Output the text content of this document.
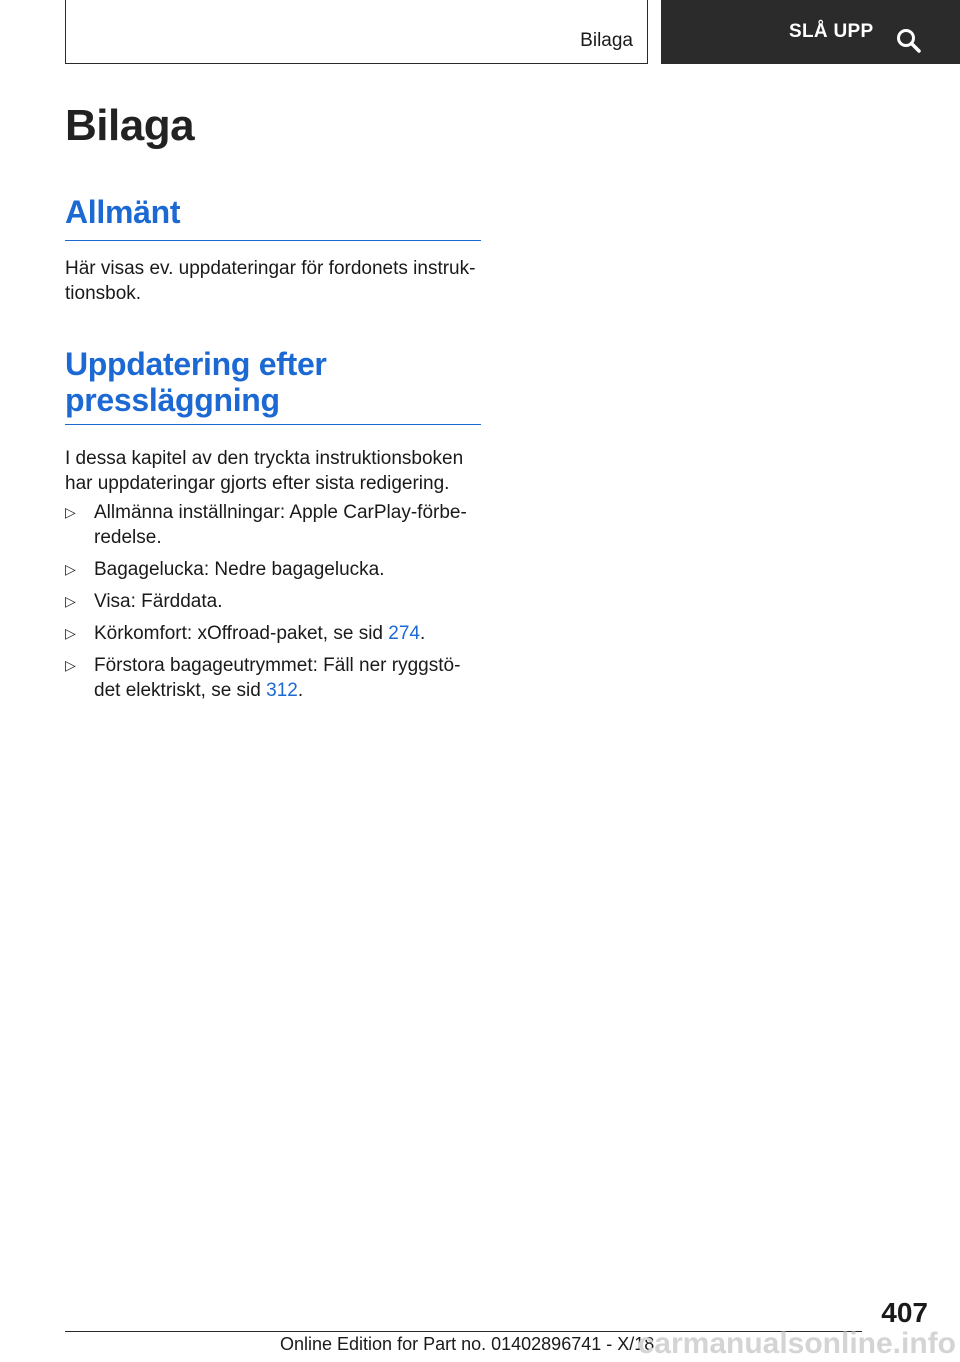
Bilaga	SLÅ UPP
Bilaga
Allmänt

Här visas ev. uppdateringar för fordonets instruk-tionsbok.

Uppdatering efter
pressläggning

I dessa kapitel av den tryckta instruktionsboken har uppdateringar gjorts efter sista redigering.

▷ Allmänna inställningar: Apple CarPlay-förbe-redelse.
▷ Bagagelucka: Nedre bagagelucka.
▷ Visa: Färddata.
▷ Körkomfort: xOffroad-paket, se sid 274.
▷ Förstora bagageutrymmet: Fäll ner ryggstö-det elektriskt, se sid 312.
407
Online Edition for Part no. 01402896741 - X/18
carmanualsonline.info
